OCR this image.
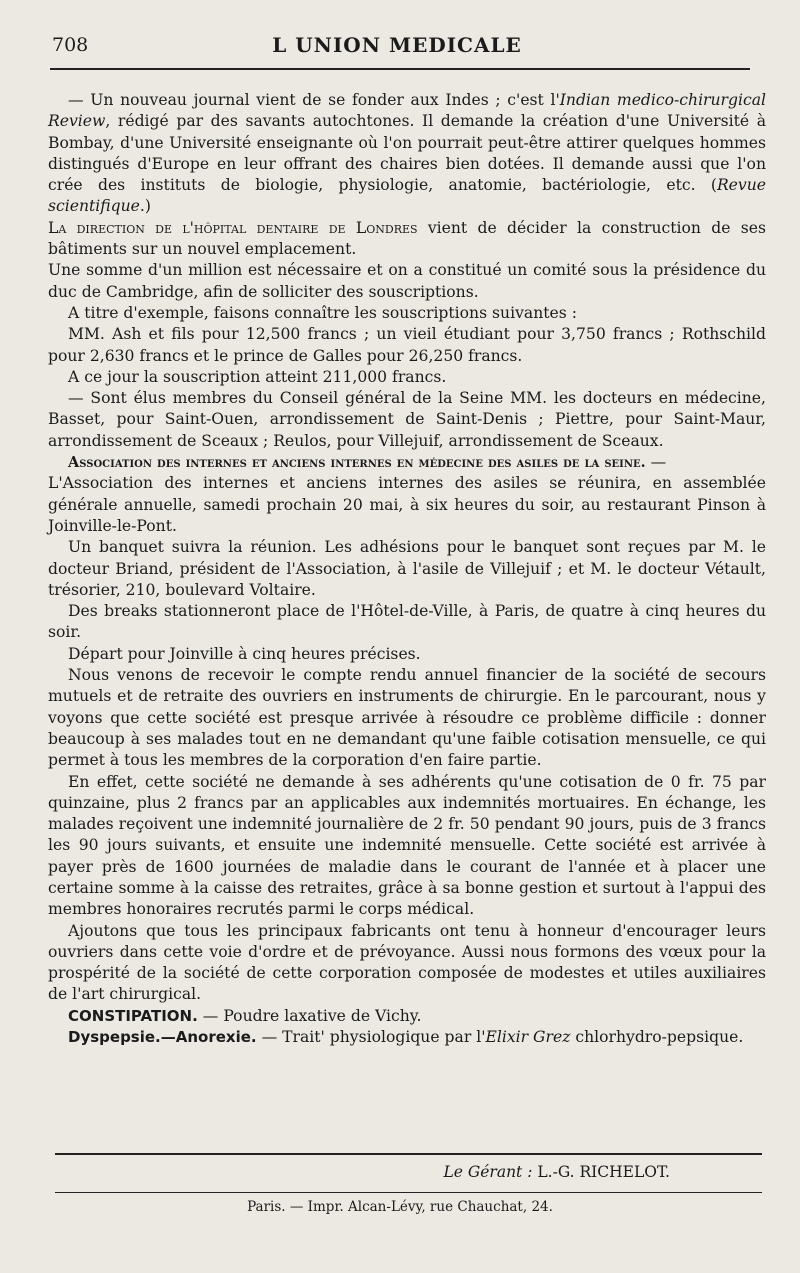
708	L UNION MEDICALE

— Un nouveau journal vient de se fonder aux Indes ; c'est l'Indian medico-chirurgical Review, rédigé par des savants autochtones. Il demande la création d'une Université à Bombay, d'une Université enseignante où l'on pourrait peut-être attirer quelques hommes distingués d'Europe en leur offrant des chaires bien dotées. Il demande aussi que l'on crée des instituts de biologie, physiologie, anatomie, bactériologie, etc. (Revue scientifique.)

La direction de l'hôpital dentaire de Londres vient de décider la construction de ses bâtiments sur un nouvel emplacement.

Une somme d'un million est nécessaire et on a constitué un comité sous la présidence du duc de Cambridge, afin de solliciter des souscriptions.

A titre d'exemple, faisons connaître les souscriptions suivantes :

MM. Ash et fils pour 12,500 francs ; un vieil étudiant pour 3,750 francs ; Rothschild pour 2,630 francs et le prince de Galles pour 26,250 francs.

A ce jour la souscription atteint 211,000 francs.

— Sont élus membres du Conseil général de la Seine MM. les docteurs en médecine, Basset, pour Saint-Ouen, arrondissement de Saint-Denis ; Piettre, pour Saint-Maur, arrondissement de Sceaux ; Reulos, pour Villejuif, arrondissement de Sceaux.

Association des internes et anciens internes en médecine des asiles de la seine. —

L'Association des internes et anciens internes des asiles se réunira, en assemblée générale annuelle, samedi prochain 20 mai, à six heures du soir, au restaurant Pinson à Joinville-le-Pont.

Un banquet suivra la réunion. Les adhésions pour le banquet sont reçues par M. le docteur Briand, président de l'Association, à l'asile de Villejuif ; et M. le docteur Vétault, trésorier, 210, boulevard Voltaire.

Des breaks stationneront place de l'Hôtel-de-Ville, à Paris, de quatre à cinq heures du soir.

Départ pour Joinville à cinq heures précises.

Nous venons de recevoir le compte rendu annuel financier de la société de secours mutuels et de retraite des ouvriers en instruments de chirurgie. En le parcourant, nous y voyons que cette société est presque arrivée à résoudre ce problème difficile : donner beaucoup à ses malades tout en ne demandant qu'une faible cotisation mensuelle, ce qui permet à tous les membres de la corporation d'en faire partie.

En effet, cette société ne demande à ses adhérents qu'une cotisation de 0 fr. 75 par quinzaine, plus 2 francs par an applicables aux indemnités mortuaires. En échange, les malades reçoivent une indemnité journalière de 2 fr. 50 pendant 90 jours, puis de 3 francs les 90 jours suivants, et ensuite une indemnité mensuelle. Cette société est arrivée à payer près de 1600 journées de maladie dans le courant de l'année et à placer une certaine somme à la caisse des retraites, grâce à sa bonne gestion et surtout à l'appui des membres honoraires recrutés parmi le corps médical.

Ajoutons que tous les principaux fabricants ont tenu à honneur d'encourager leurs ouvriers dans cette voie d'ordre et de prévoyance. Aussi nous formons des vœux pour la prospérité de la société de cette corporation composée de modestes et utiles auxiliaires de l'art chirurgical.

CONSTIPATION. — Poudre laxative de Vichy.

Dyspepsie.—Anorexie. — Trait' physiologique par l'Elixir Grez chlorhydro-pepsique.

Le Gérant : L.-G. RICHELOT.
Paris. — Impr. Alcan-Lévy, rue Chauchat, 24.
